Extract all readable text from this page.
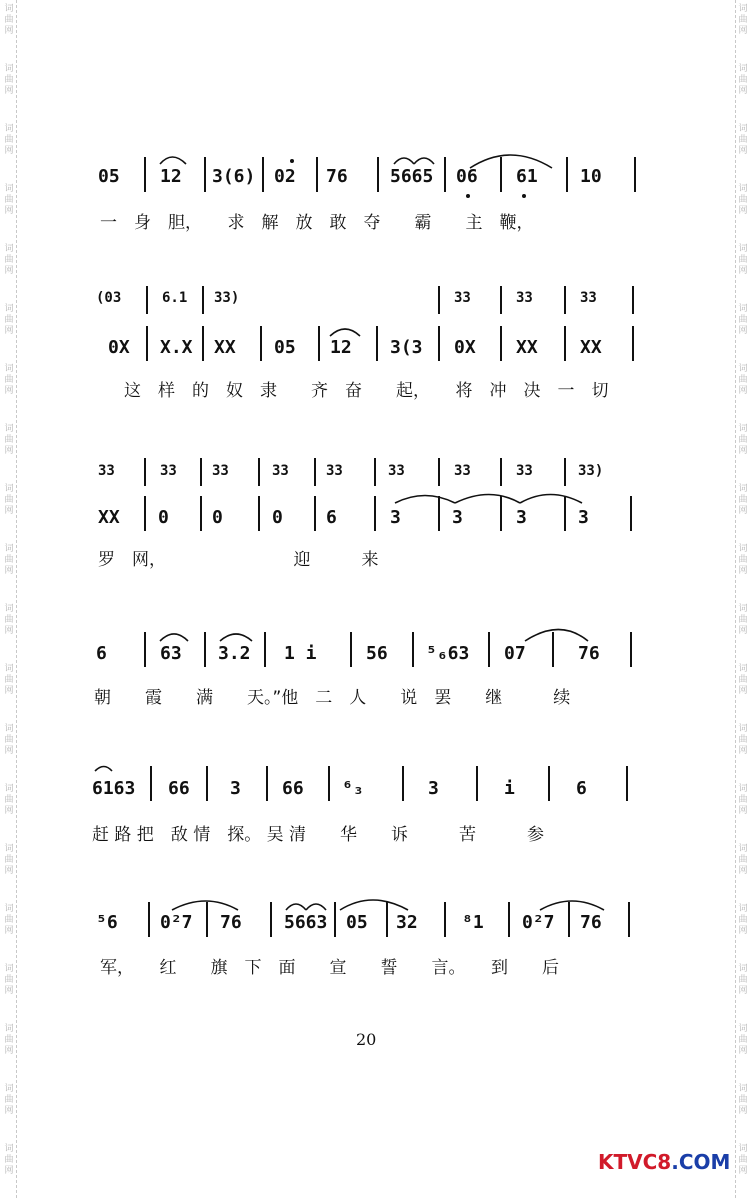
词
曲
网
词
曲
网
词
曲
网
词
曲
网
词
曲
网
词
曲
网
词
曲
网
词
曲
网
词
曲
网
词
曲
网
词
曲
网
词
曲
网
词
曲
网
词
曲
网
词
曲
网
词
曲
网
词
曲
网
词
曲
网
词
曲
网
词
曲
网
词
曲
网
词
曲
网
词
曲
网
词
曲
网
词
曲
网
词
曲
网
词
曲
网
词
曲
网
词
曲
网
词
曲
网
词
曲
网
词
曲
网
词
曲
网
词
曲
网
词
曲
网
词
曲
网
词
曲
网
词
曲
网
词
曲
网
词
曲
网
05 12 3(6) 02 76 5665 06 61 10
一　身　胆，　　求　解　放　敢　夺　　霸　　主　鞭，
(03	6.1 33)	33	33	33
0X X.X XX 05 12 3(3 0X XX XX
这　样　的　奴　隶　　齐　奋　　起，　　将　冲　决　一　切
33	33	33	33	33	33	33	33	33)
XX 0 0	0 6	3	3	3	3
罗　网，　　　　　　　　迎　　　来
6	63 3.2 1 i	56 ⁵₆63 07	76
朝　　霞　　满　　天。”他　二　人　　说　罢　　继　　　续
6163 66 3 66 ⁶₃	3	i	6
赶 路 把　敌 情　探。 吴 清　　华　　诉　　　苦　　　参
⁵6 0²7 76 5663 05 32 ⁸1 0²7 76
军，　　红　　旗　下　面　　宣　　誓　　言。　　到　　后
20
KTVC8.COM
